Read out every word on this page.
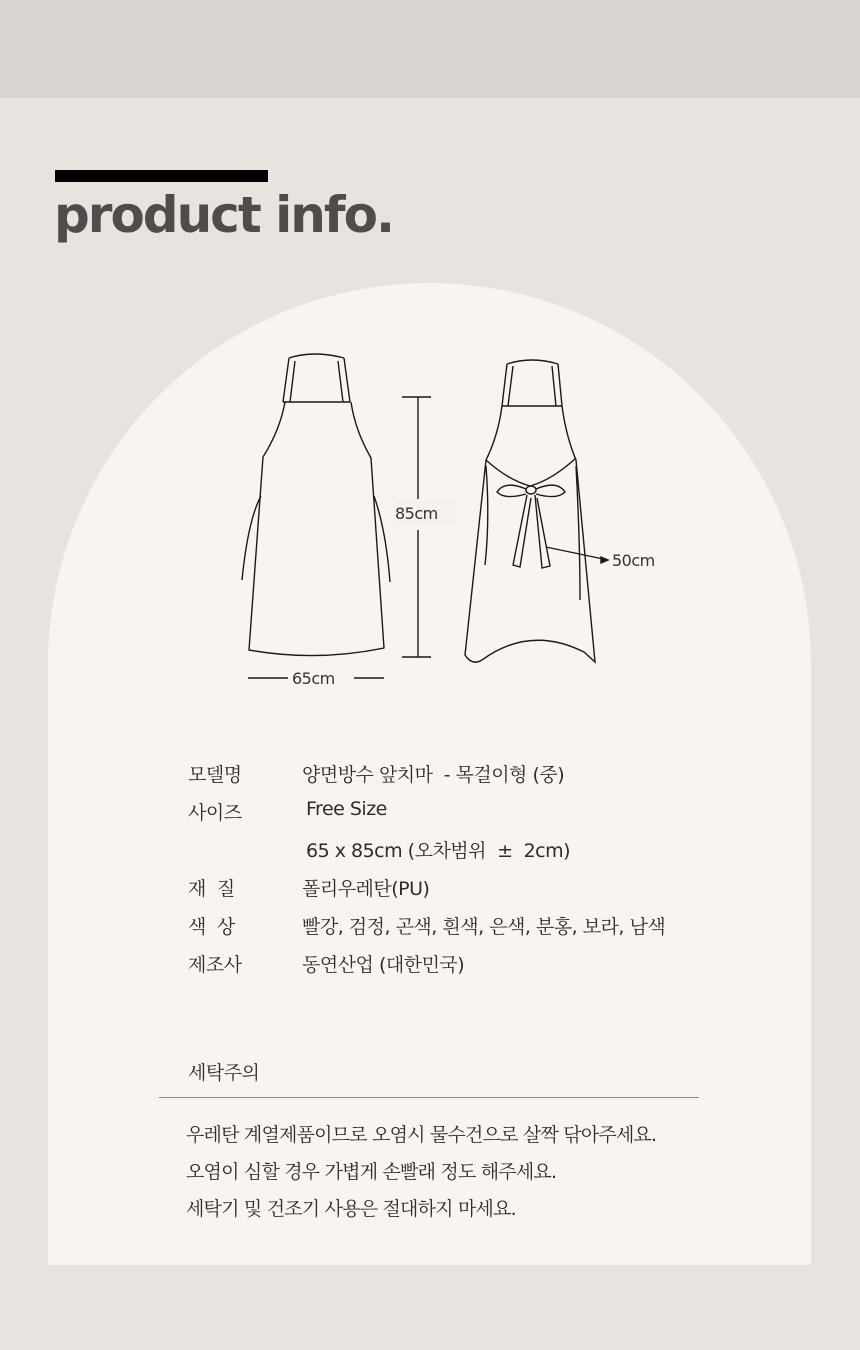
product info.
85cm
65cm
50cm
모델명	양면방수 앞치마  - 목걸이형 (중)
사이즈	Free Size
65 x 85cm (오차범위  ±  2cm)
재  질	폴리우레탄(PU)
색  상	빨강, 검정, 곤색, 흰색, 은색, 분홍, 보라, 남색
제조사	동연산업 (대한민국)
세탁주의
우레탄 계열제품이므로 오염시 물수건으로 살짝 닦아주세요.
오염이 심할 경우 가볍게 손빨래 정도 해주세요.
세탁기 및 건조기 사용은 절대하지 마세요.
